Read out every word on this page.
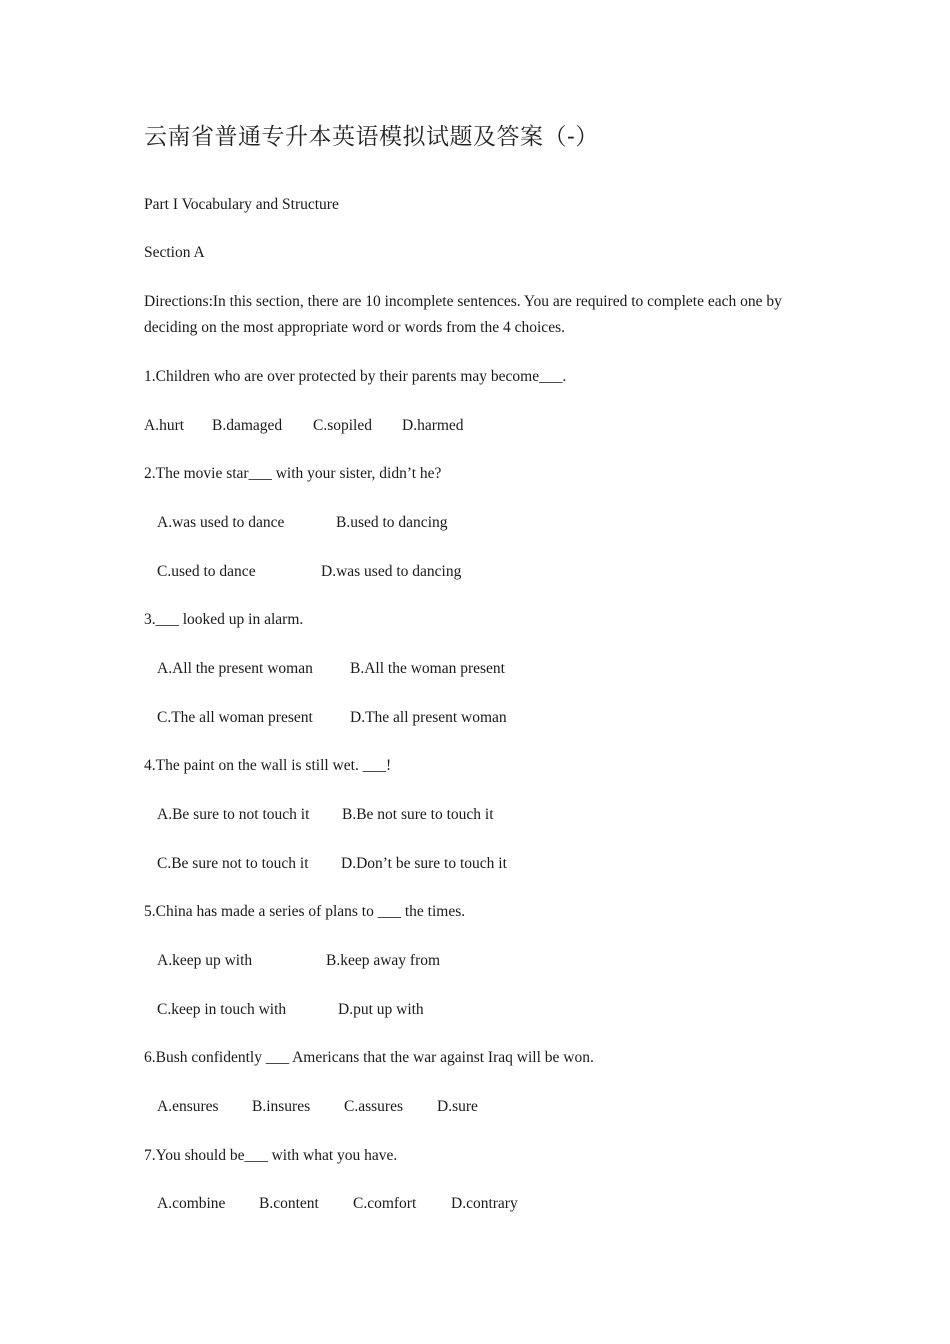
云南省普通专升本英语模拟试题及答案（-）
Part I Vocabulary and Structure
Section A
Directions:In this section, there are 10 incomplete sentences. You are required to complete each one by deciding on the most appropriate word or words from the 4 choices.
1.Children who are over protected by their parents may become___.
A.hurt B.damaged C.sopiled D.harmed
2.The movie star___ with your sister, didn’t he?
A.was used to dance	B.used to dancing
C.used to dance	D.was used to dancing
3.___ looked up in alarm.
A.All the present woman B.All the woman present
C.The all woman present D.The all present woman
4.The paint on the wall is still wet. ___!
A.Be sure to not touch it B.Be not sure to touch it
C.Be sure not to touch it D.Don’t be sure to touch it
5.China has made a series of plans to ___ the times.
A.keep up with	B.keep away from
C.keep in touch with	D.put up with
6.Bush confidently ___ Americans that the war against Iraq will be won.
A.ensures B.insures C.assures D.sure
7.You should be___ with what you have.
A.combine B.content C.comfort D.contrary
